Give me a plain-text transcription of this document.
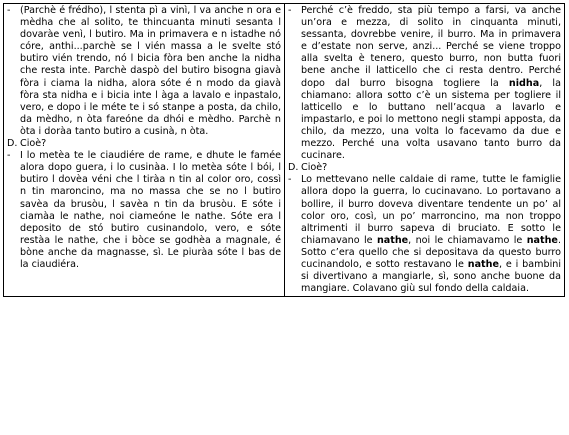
- (Parchè é frédho), l stenta pì a vinì, l va anche n ora e mèdha che al solito, te thincuanta minuti sesanta l dovaràe venì, l butiro. Ma in primavera e n istadhe nó córe, anthi...parchè se l vién massa a le svelte stó butiro vién trendo, nó l bicia fòra ben anche la nidha che resta inte. Parchè daspò del butiro bisogna giavà fòra i ciama la nidha, alora sóte é n modo da giavà fòra sta nidha e i bicia inte l àga a lavalo e inpastalo, vero, e dopo i le méte te i só stanpe a posta, da chilo, da mèdho, n òta fareóne da dhói e mèdho. Parchè n òta i doràa tanto butiro a cusinà, n òta.
D. Cioè?
- I lo metèa te le ciaudiére de rame, e dhute le famée alora dopo guera, i lo cusinàa. I lo metèa sóte l bói, l butiro l dovèa véni che l tiràa n tin al color oro, cossì n tin maroncino, ma no massa che se no l butiro savèa da brusòu, l savèa n tin da brusòu. E sóte i ciamàa le nathe, noi ciameóne le nathe. Sóte era l deposito de stó butiro cusinandolo, vero, e sóte restàa le nathe, che i bòce se godhèa a magnale, é bòne anche da magnasse, sì. Le piuràa sóte l bas de la ciaudiéra.

- Perché c’è freddo, sta più tempo a farsi, va anche un’ora e mezza, di solito in cinquanta minuti, sessanta, dovrebbe venire, il burro. Ma in primavera e d’estate non serve, anzi... Perché se viene troppo alla svelta è tenero, questo burro, non butta fuori bene anche il latticello che ci resta dentro. Perché dopo dal burro bisogna togliere la nidha, la chiamano: allora sotto c’è un sistema per togliere il latticello e lo buttano nell’acqua a lavarlo e impastarlo, e poi lo mettono negli stampi apposta, da chilo, da mezzo, una volta lo facevamo da due e mezzo. Perché una volta usavano tanto burro da cucinare.
D. Cioè?
- Lo mettevano nelle caldaie di rame, tutte le famiglie allora dopo la guerra, lo cucinavano. Lo portavano a bollire, il burro doveva diventare tendente un po’ al color oro, così, un po’ marroncino, ma non troppo altrimenti il burro sapeva di bruciato. E sotto le chiamavano le nathe, noi le chiamavamo le nathe. Sotto c’era quello che si depositava da questo burro cucinandolo, e sotto restavano le nathe, e i bambini si divertivano a mangiarle, sì, sono anche buone da mangiare. Colavano giù sul fondo della caldaia.
